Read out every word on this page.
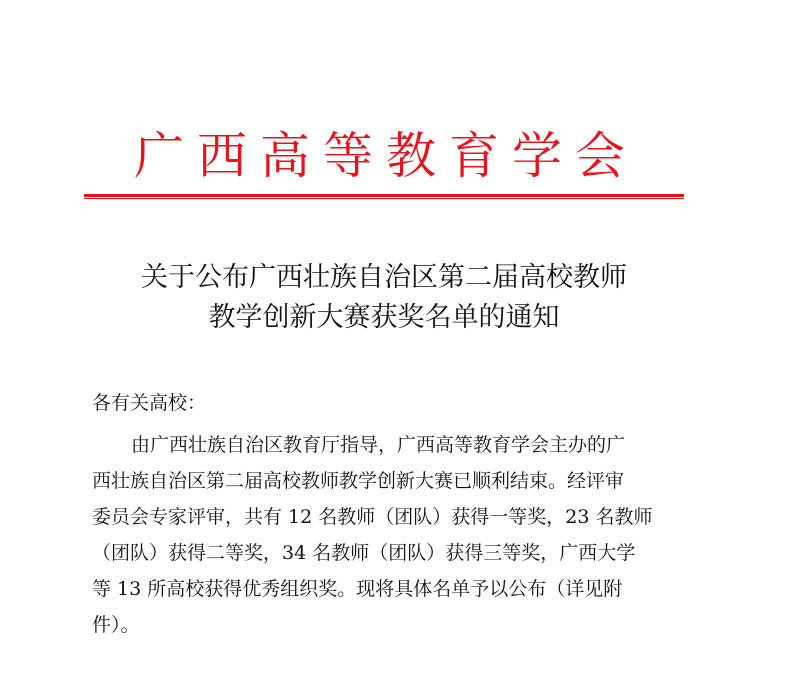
广西高等教育学会
关于公布广西壮族自治区第二届高校教师
教学创新大赛获奖名单的通知
各有关高校：
由广西壮族自治区教育厅指导，广西高等教育学会主办的广
西壮族自治区第二届高校教师教学创新大赛已顺利结束。经评审
委员会专家评审，共有 12 名教师（团队）获得一等奖，23 名教师
（团队）获得二等奖，34 名教师（团队）获得三等奖，广西大学
等 13 所高校获得优秀组织奖。现将具体名单予以公布（详见附
件）。
